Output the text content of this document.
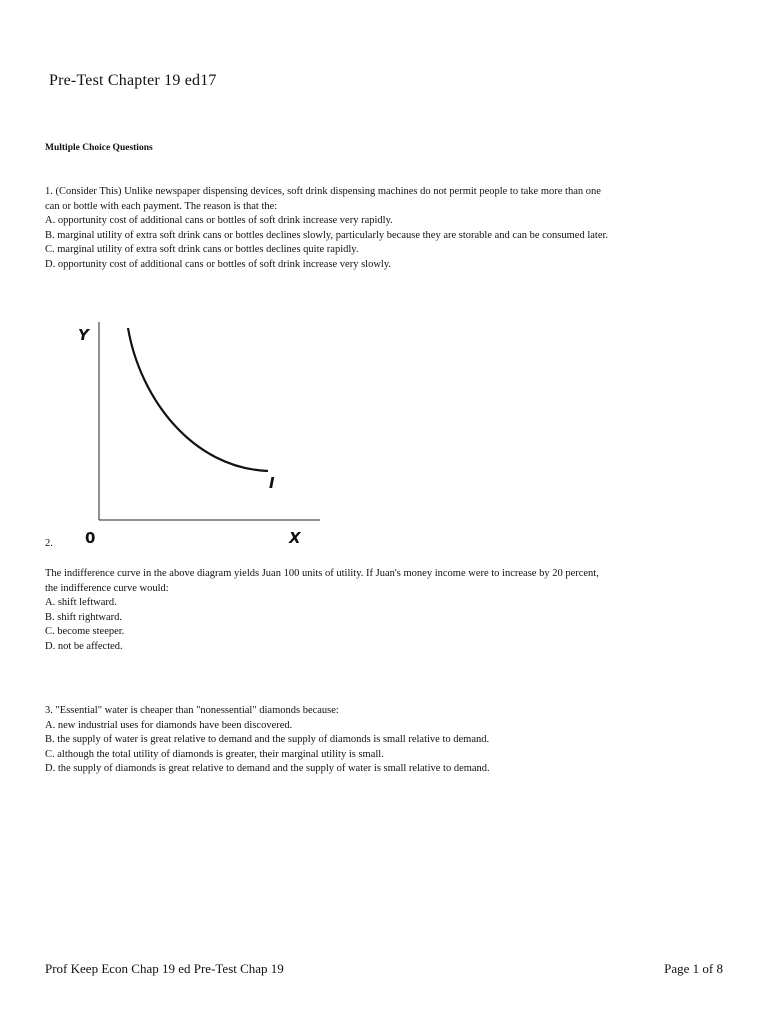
Pre-Test Chapter 19 ed17
Multiple Choice Questions
1. (Consider This) Unlike newspaper dispensing devices, soft drink dispensing machines do not permit people to take more than one
can or bottle with each payment. The reason is that the:
A. opportunity cost of additional cans or bottles of soft drink increase very rapidly.
B. marginal utility of extra soft drink cans or bottles declines slowly, particularly because they are storable and can be consumed later.
C. marginal utility of extra soft drink cans or bottles declines quite rapidly.
D. opportunity cost of additional cans or bottles of soft drink increase very slowly.
Y
X
0
I
2.
The indifference curve in the above diagram yields Juan 100 units of utility. If Juan's money income were to increase by 20 percent,
the indifference curve would:
A. shift leftward.
B. shift rightward.
C. become steeper.
D. not be affected.
3. "Essential" water is cheaper than "nonessential" diamonds because:
A. new industrial uses for diamonds have been discovered.
B. the supply of water is great relative to demand and the supply of diamonds is small relative to demand.
C. although the total utility of diamonds is greater, their marginal utility is small.
D. the supply of diamonds is great relative to demand and the supply of water is small relative to demand.
Prof Keep Econ Chap 19 ed Pre-Test Chap 19	Page 1 of 8
